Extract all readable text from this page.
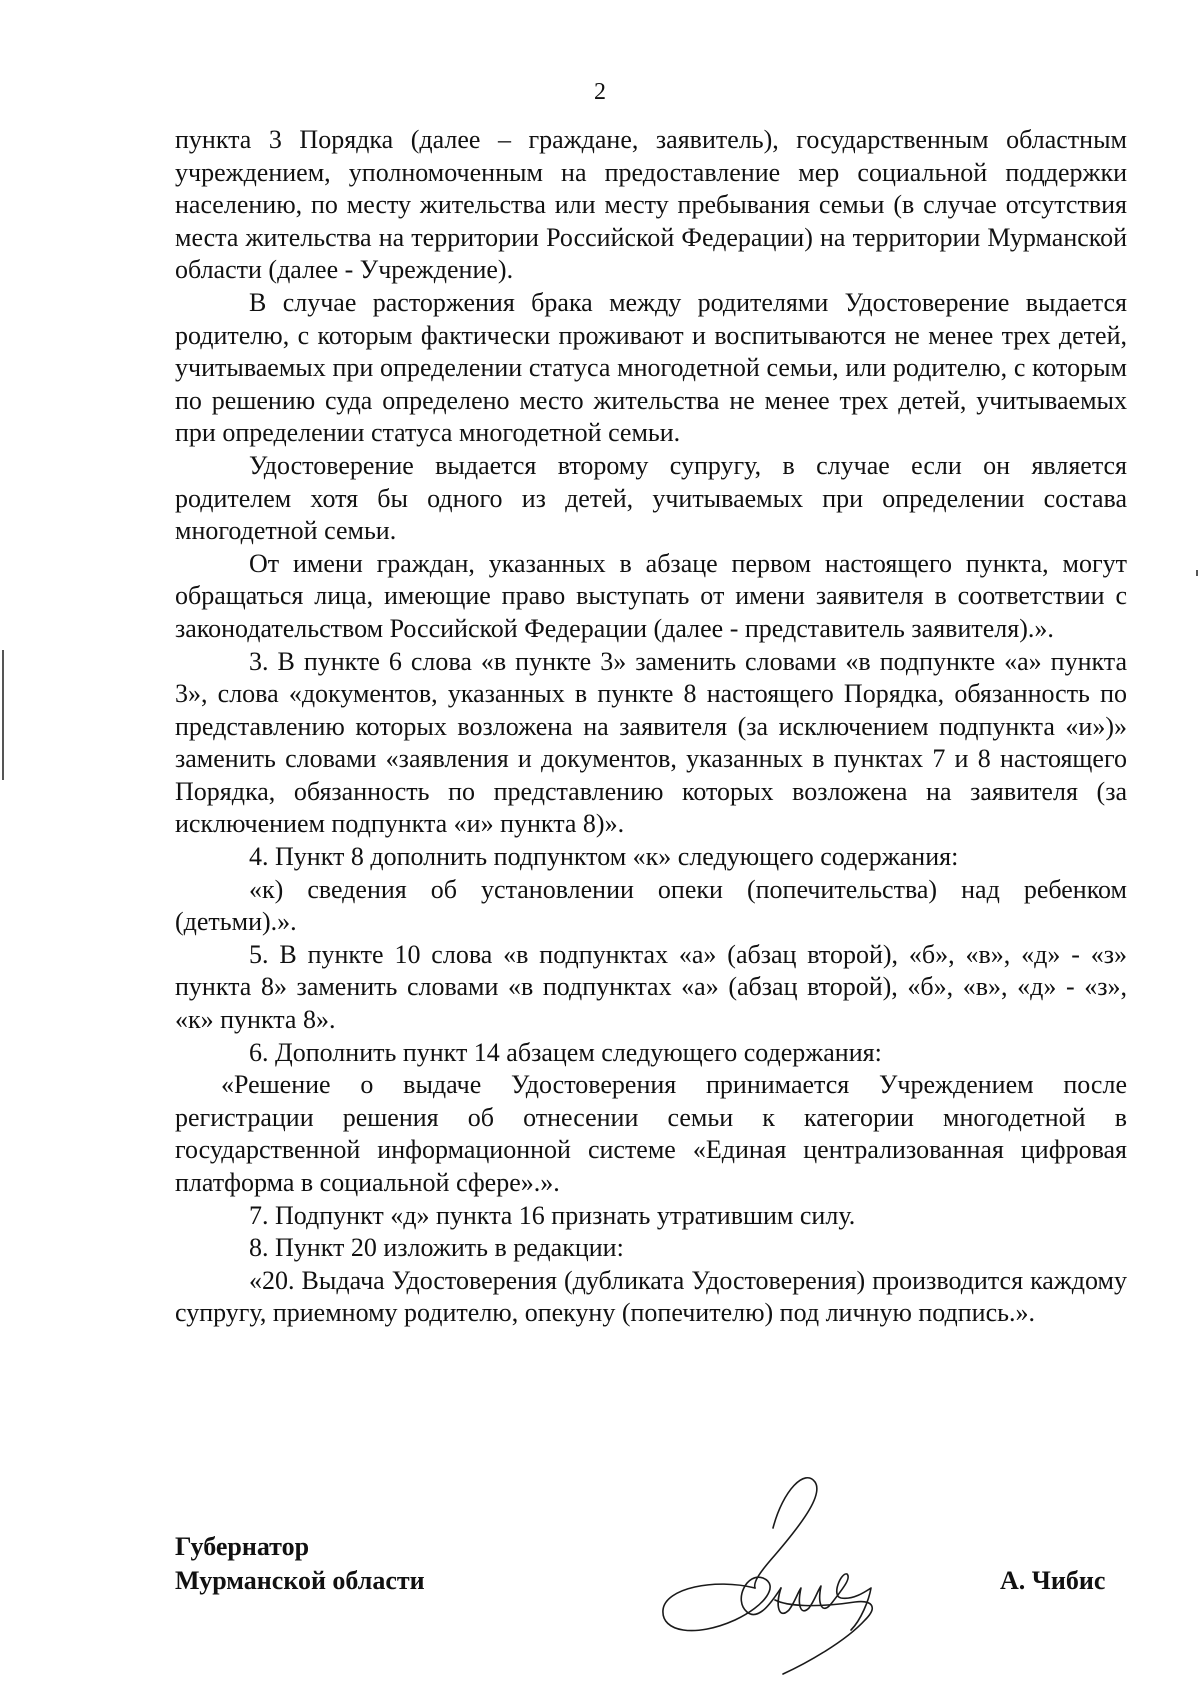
2

пункта 3 Порядка (далее – граждане, заявитель), государственным областным учреждением, уполномоченным на предоставление мер социальной поддержки населению, по месту жительства или месту пребывания семьи (в случае отсутствия места жительства на территории Российской Федерации) на территории Мурманской области (далее - Учреждение).

В случае расторжения брака между родителями Удостоверение выдается родителю, с которым фактически проживают и воспитываются не менее трех детей, учитываемых при определении статуса многодетной семьи, или родителю, с которым по решению суда определено место жительства не менее трех детей, учитываемых при определении статуса многодетной семьи.

Удостоверение выдается второму супругу, в случае если он является родителем хотя бы одного из детей, учитываемых при определении состава многодетной семьи.

От имени граждан, указанных в абзаце первом настоящего пункта, могут обращаться лица, имеющие право выступать от имени заявителя в соответствии с законодательством Российской Федерации (далее - представитель заявителя).».

3. В пункте 6 слова «в пункте 3» заменить словами «в подпункте «а» пункта 3», слова «документов, указанных в пункте 8 настоящего Порядка, обязанность по представлению которых возложена на заявителя (за исключением подпункта «и»)» заменить словами «заявления и документов, указанных в пунктах 7 и 8 настоящего Порядка, обязанность по представлению которых возложена на заявителя (за исключением подпункта «и» пункта 8)».

4. Пункт 8 дополнить подпунктом «к» следующего содержания:

«к) сведения об установлении опеки (попечительства) над ребенком (детьми).».

5. В пункте 10 слова «в подпунктах «а» (абзац второй), «б», «в», «д» - «з» пункта 8» заменить словами «в подпунктах «а» (абзац второй), «б», «в», «д» - «з», «к» пункта 8».

6. Дополнить пункт 14 абзацем следующего содержания:

«Решение о выдаче Удостоверения принимается Учреждением после регистрации решения об отнесении семьи к категории многодетной в государственной информационной системе «Единая централизованная цифровая платформа в социальной сфере».».

7. Подпункт «д» пункта 16 признать утратившим силу.

8. Пункт 20 изложить в редакции:

«20. Выдача Удостоверения (дубликата Удостоверения) производится каждому супругу, приемному родителю, опекуну (попечителю) под личную подпись.».

Губернатор
Мурманской области	А. Чибис
